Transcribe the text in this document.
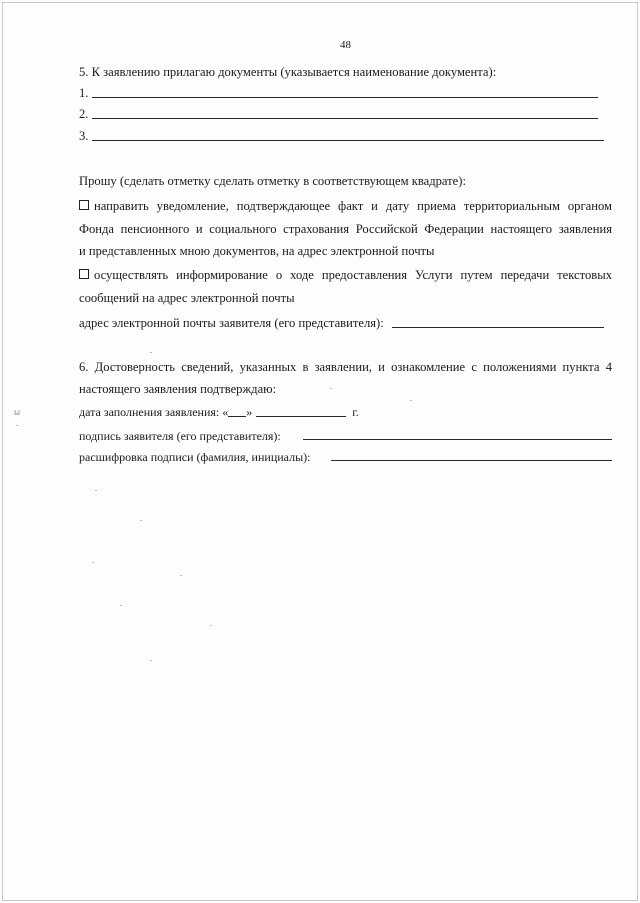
48
5. К заявлению прилагаю документы (указывается наименование документа):
1.
2.
3.
Прошу (сделать отметку сделать отметку в соответствующем квадрате):
направить уведомление, подтверждающее факт и дату приема территориальным органом
Фонда пенсионного и социального страхования Российской Федерации настоящего заявления
и представленных мною документов, на адрес электронной почты
осуществлять информирование о ходе предоставления Услуги путем передачи текстовых
сообщений на адрес электронной почты
адрес электронной почты заявителя (его представителя):
6. Достоверность сведений, указанных в заявлении, и ознакомление с положениями пункта 4
настоящего заявления подтверждаю:
дата заполнения заявления: « »	г.
подпись заявителя (его представителя):
расшифровка подписи (фамилия, инициалы):
ы
